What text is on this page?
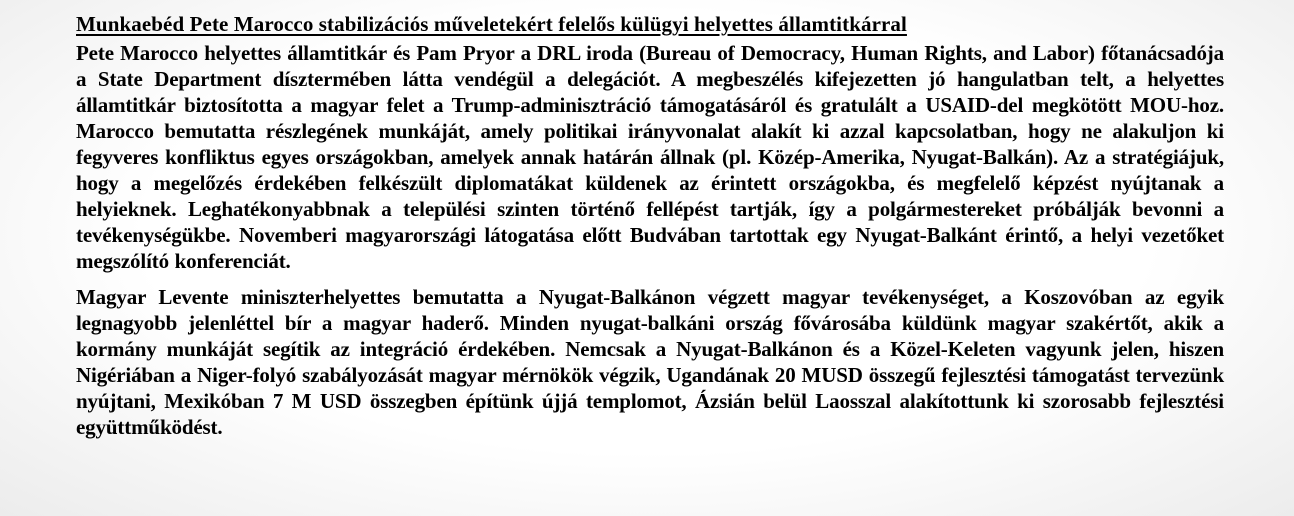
Munkaebéd Pete Marocco stabilizációs műveletekért felelős külügyi helyettes államtitkárral

Pete Marocco helyettes államtitkár és Pam Pryor a DRL iroda (Bureau of Democracy, Human Rights, and Labor) főtanácsadója a State Department dísztermében látta vendégül a delegációt. A megbeszélés kifejezetten jó hangulatban telt, a helyettes államtitkár biztosította a magyar felet a Trump-adminisztráció támogatásáról és gratulált a USAID-del megkötött MOU-hoz. Marocco bemutatta részlegének munkáját, amely politikai irányvonalat alakít ki azzal kapcsolatban, hogy ne alakuljon ki fegyveres konfliktus egyes országokban, amelyek annak határán állnak (pl. Közép-Amerika, Nyugat-Balkán). Az a stratégiájuk, hogy a megelőzés érdekében felkészült diplomatákat küldenek az érintett országokba, és megfelelő képzést nyújtanak a helyieknek. Leghatékonyabbnak a települési szinten történő fellépést tartják, így a polgármestereket próbálják bevonni a tevékenységükbe. Novemberi magyarországi látogatása előtt Budvában tartottak egy Nyugat-Balkánt érintő, a helyi vezetőket megszólító konferenciát.

Magyar Levente miniszterhelyettes bemutatta a Nyugat-Balkánon végzett magyar tevékenységet, a Koszovóban az egyik legnagyobb jelenléttel bír a magyar haderő. Minden nyugat-balkáni ország fővárosába küldünk magyar szakértőt, akik a kormány munkáját segítik az integráció érdekében. Nemcsak a Nyugat-Balkánon és a Közel-Keleten vagyunk jelen, hiszen Nigériában a Niger-folyó szabályozását magyar mérnökök végzik, Ugandának 20 MUSD összegű fejlesztési támogatást tervezünk nyújtani, Mexikóban 7 M USD összegben építünk újjá templomot, Ázsián belül Laosszal alakítottunk ki szorosabb fejlesztési együttműködést.
